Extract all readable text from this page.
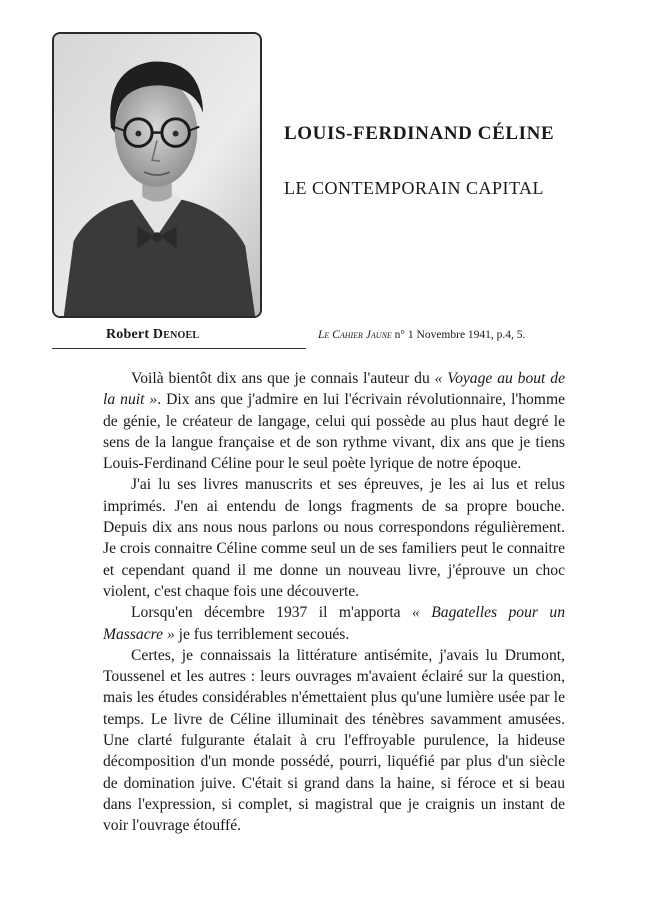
Robert Denoel
LOUIS-FERDINAND CÉLINE
LE CONTEMPORAIN CAPITAL
Le Cahier Jaune n° 1 Novembre 1941, p.4, 5.

Voilà bientôt dix ans que je connais l'auteur du « Voyage au bout de la nuit ». Dix ans que j'admire en lui l'écrivain révolutionnaire, l'homme de génie, le créateur de langage, celui qui possède au plus haut degré le sens de la langue française et de son rythme vivant, dix ans que je tiens Louis-Ferdinand Céline pour le seul poète lyrique de notre époque.

J'ai lu ses livres manuscrits et ses épreuves, je les ai lus et relus imprimés. J'en ai entendu de longs fragments de sa propre bouche. Depuis dix ans nous nous parlons ou nous correspondons régulièrement. Je crois connaitre Céline comme seul un de ses familiers peut le connaitre et cependant quand il me donne un nouveau livre, j'éprouve un choc violent, c'est chaque fois une découverte.

Lorsqu'en décembre 1937 il m'apporta « Bagatelles pour un Massacre » je fus terriblement secoués.

Certes, je connaissais la littérature antisémite, j'avais lu Drumont, Toussenel et les autres : leurs ouvrages m'avaient éclairé sur la question, mais les études considérables n'émettaient plus qu'une lumière usée par le temps. Le livre de Céline illuminait des ténèbres savamment amusées. Une clarté fulgurante étalait à cru l'effroyable purulence, la hideuse décomposition d'un monde possédé, pourri, liquéfié par plus d'un siècle de domination juive. C'était si grand dans la haine, si féroce et si beau dans l'expression, si complet, si magistral que je craignis un instant de voir l'ouvrage étouffé.
